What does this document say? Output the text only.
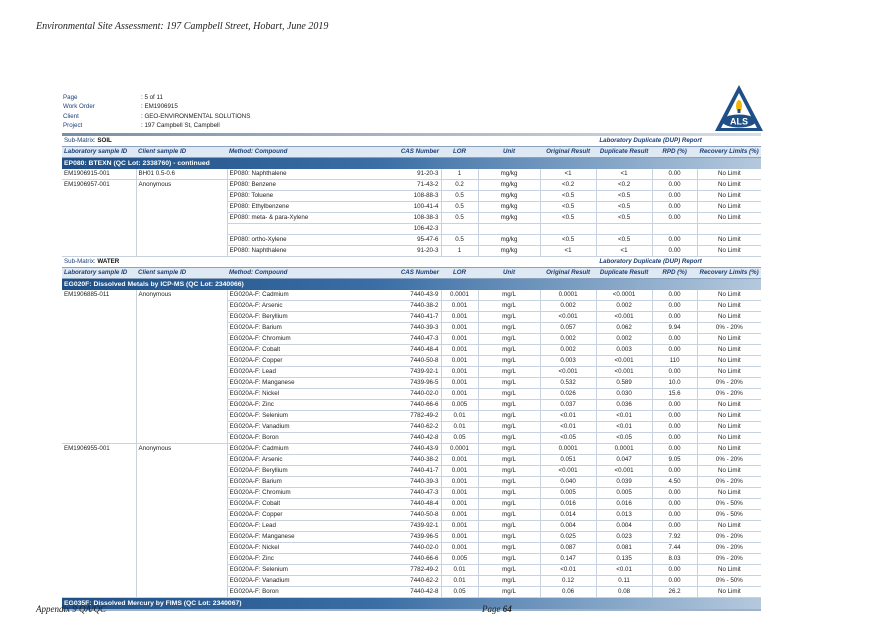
Environmental Site Assessment: 197 Campbell Street, Hobart, June 2019
Page	: 5 of 11
Work Order	: EM1906915
Client	: GEO-ENVIRONMENTAL SOLUTIONS
Project	: 197 Campbell St, Campbell	ALS
Sub-Matrix: SOIL						Laboratory Duplicate (DUP) Report			
Laboratory sample ID	Client sample ID	Method: Compound	CAS Number	LOR	Unit	Original Result	Duplicate Result	RPD (%)	Recovery Limits (%)
EP080: BTEXN (QC Lot: 2338760) - continued									
EM1906915-001	BH01 0.5-0.6	EP080: Naphthalene	91-20-3	1	mg/kg	<1	<1	0.00	No Limit
EM1906957-001	Anonymous	EP080: Benzene	71-43-2	0.2	mg/kg	<0.2	<0.2	0.00	No Limit
		EP080: Toluene	108-88-3	0.5	mg/kg	<0.5	<0.5	0.00	No Limit
		EP080: Ethylbenzene	100-41-4	0.5	mg/kg	<0.5	<0.5	0.00	No Limit
		EP080: meta- & para-Xylene	108-38-3	0.5	mg/kg	<0.5	<0.5	0.00	No Limit
			106-42-3						
		EP080: ortho-Xylene	95-47-6	0.5	mg/kg	<0.5	<0.5	0.00	No Limit
		EP080: Naphthalene	91-20-3	1	mg/kg	<1	<1	0.00	No Limit
Sub-Matrix: WATER						Laboratory Duplicate (DUP) Report			
Laboratory sample ID	Client sample ID	Method: Compound	CAS Number	LOR	Unit	Original Result	Duplicate Result	RPD (%)	Recovery Limits (%)
EG020F: Dissolved Metals by ICP-MS (QC Lot: 2340066)									
EM1906885-011	Anonymous	EG020A-F: Cadmium	7440-43-9	0.0001	mg/L	0.0001	<0.0001	0.00	No Limit
		EG020A-F: Arsenic	7440-38-2	0.001	mg/L	0.002	0.002	0.00	No Limit
		EG020A-F: Beryllium	7440-41-7	0.001	mg/L	<0.001	<0.001	0.00	No Limit
		EG020A-F: Barium	7440-39-3	0.001	mg/L	0.057	0.062	9.94	0% - 20%
		EG020A-F: Chromium	7440-47-3	0.001	mg/L	0.002	0.002	0.00	No Limit
		EG020A-F: Cobalt	7440-48-4	0.001	mg/L	0.002	0.003	0.00	No Limit
		EG020A-F: Copper	7440-50-8	0.001	mg/L	0.003	<0.001	110	No Limit
		EG020A-F: Lead	7439-92-1	0.001	mg/L	<0.001	<0.001	0.00	No Limit
		EG020A-F: Manganese	7439-96-5	0.001	mg/L	0.532	0.589	10.0	0% - 20%
		EG020A-F: Nickel	7440-02-0	0.001	mg/L	0.026	0.030	15.6	0% - 20%
		EG020A-F: Zinc	7440-66-6	0.005	mg/L	0.037	0.036	0.00	No Limit
		EG020A-F: Selenium	7782-49-2	0.01	mg/L	<0.01	<0.01	0.00	No Limit
		EG020A-F: Vanadium	7440-62-2	0.01	mg/L	<0.01	<0.01	0.00	No Limit
		EG020A-F: Boron	7440-42-8	0.05	mg/L	<0.05	<0.05	0.00	No Limit
EM1906955-001	Anonymous	EG020A-F: Cadmium	7440-43-9	0.0001	mg/L	0.0001	0.0001	0.00	No Limit
		EG020A-F: Arsenic	7440-38-2	0.001	mg/L	0.051	0.047	9.05	0% - 20%
		EG020A-F: Beryllium	7440-41-7	0.001	mg/L	<0.001	<0.001	0.00	No Limit
		EG020A-F: Barium	7440-39-3	0.001	mg/L	0.040	0.039	4.50	0% - 20%
		EG020A-F: Chromium	7440-47-3	0.001	mg/L	0.005	0.005	0.00	No Limit
		EG020A-F: Cobalt	7440-48-4	0.001	mg/L	0.016	0.016	0.00	0% - 50%
		EG020A-F: Copper	7440-50-8	0.001	mg/L	0.014	0.013	0.00	0% - 50%
		EG020A-F: Lead	7439-92-1	0.001	mg/L	0.004	0.004	0.00	No Limit
		EG020A-F: Manganese	7439-96-5	0.001	mg/L	0.025	0.023	7.92	0% - 20%
		EG020A-F: Nickel	7440-02-0	0.001	mg/L	0.087	0.081	7.44	0% - 20%
		EG020A-F: Zinc	7440-66-6	0.005	mg/L	0.147	0.135	8.03	0% - 20%
		EG020A-F: Selenium	7782-49-2	0.01	mg/L	<0.01	<0.01	0.00	No Limit
		EG020A-F: Vanadium	7440-62-2	0.01	mg/L	0.12	0.11	0.00	0% - 50%
		EG020A-F: Boron	7440-42-8	0.05	mg/L	0.06	0.08	26.2	No Limit
EG035F: Dissolved Mercury by FIMS (QC Lot: 2340067)									
Appendix 9 QA/QC	Page 64
